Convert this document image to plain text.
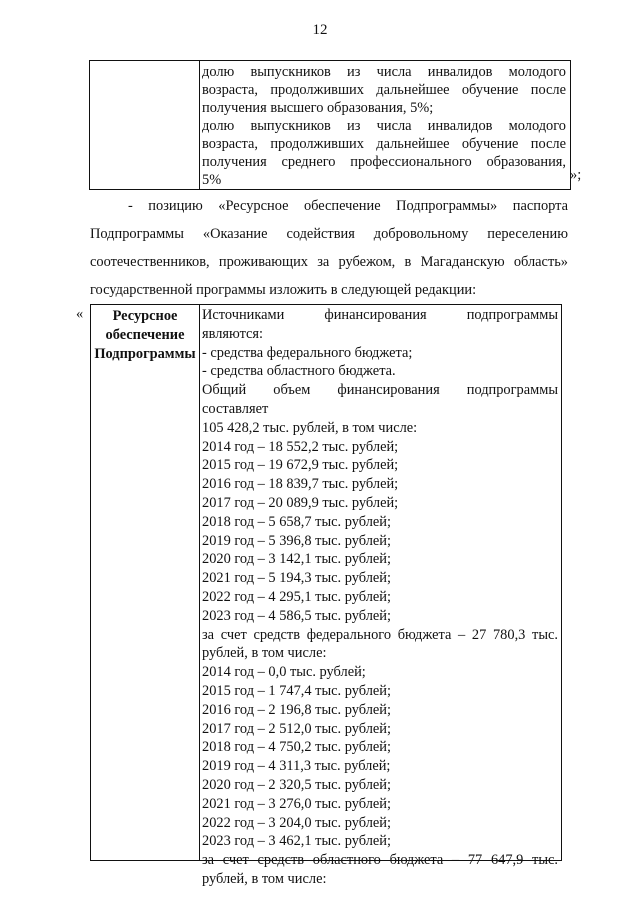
12
долю выпускников из числа инвалидов молодого
возраста, продолживших дальнейшее обучение после
получения высшего образования, 5%;
долю выпускников из числа инвалидов молодого
возраста, продолживших дальнейшее обучение после
получения среднего профессионального образования,
5%	»;
- позицию «Ресурсное обеспечение Подпрограммы» паспорта
Подпрограммы «Оказание содействия добровольному переселению
соотечественников, проживающих за рубежом, в Магаданскую область»
государственной программы изложить в следующей редакции:
«	Ресурсное
обеспечение
Подпрограммы
Источниками финансирования подпрограммы
являются:
- средства федерального бюджета;
- средства областного бюджета.
Общий объем финансирования подпрограммы
составляет
105 428,2 тыс. рублей, в том числе:
2014 год – 18 552,2 тыс. рублей;
2015 год – 19 672,9 тыс. рублей;
2016 год – 18 839,7 тыс. рублей;
2017 год – 20 089,9 тыс. рублей;
2018 год – 5 658,7 тыс. рублей;
2019 год – 5 396,8 тыс. рублей;
2020 год – 3 142,1 тыс. рублей;
2021 год – 5 194,3 тыс. рублей;
2022 год – 4 295,1 тыс. рублей;
2023 год – 4 586,5 тыс. рублей;
за счет средств федерального бюджета – 27 780,3 тыс.
рублей, в том числе:
2014 год – 0,0 тыс. рублей;
2015 год – 1 747,4 тыс. рублей;
2016 год – 2 196,8 тыс. рублей;
2017 год – 2 512,0 тыс. рублей;
2018 год – 4 750,2 тыс. рублей;
2019 год – 4 311,3 тыс. рублей;
2020 год – 2 320,5 тыс. рублей;
2021 год – 3 276,0 тыс. рублей;
2022 год – 3 204,0 тыс. рублей;
2023 год – 3 462,1 тыс. рублей;
за счет средств областного бюджета – 77 647,9 тыс.
рублей, в том числе:
